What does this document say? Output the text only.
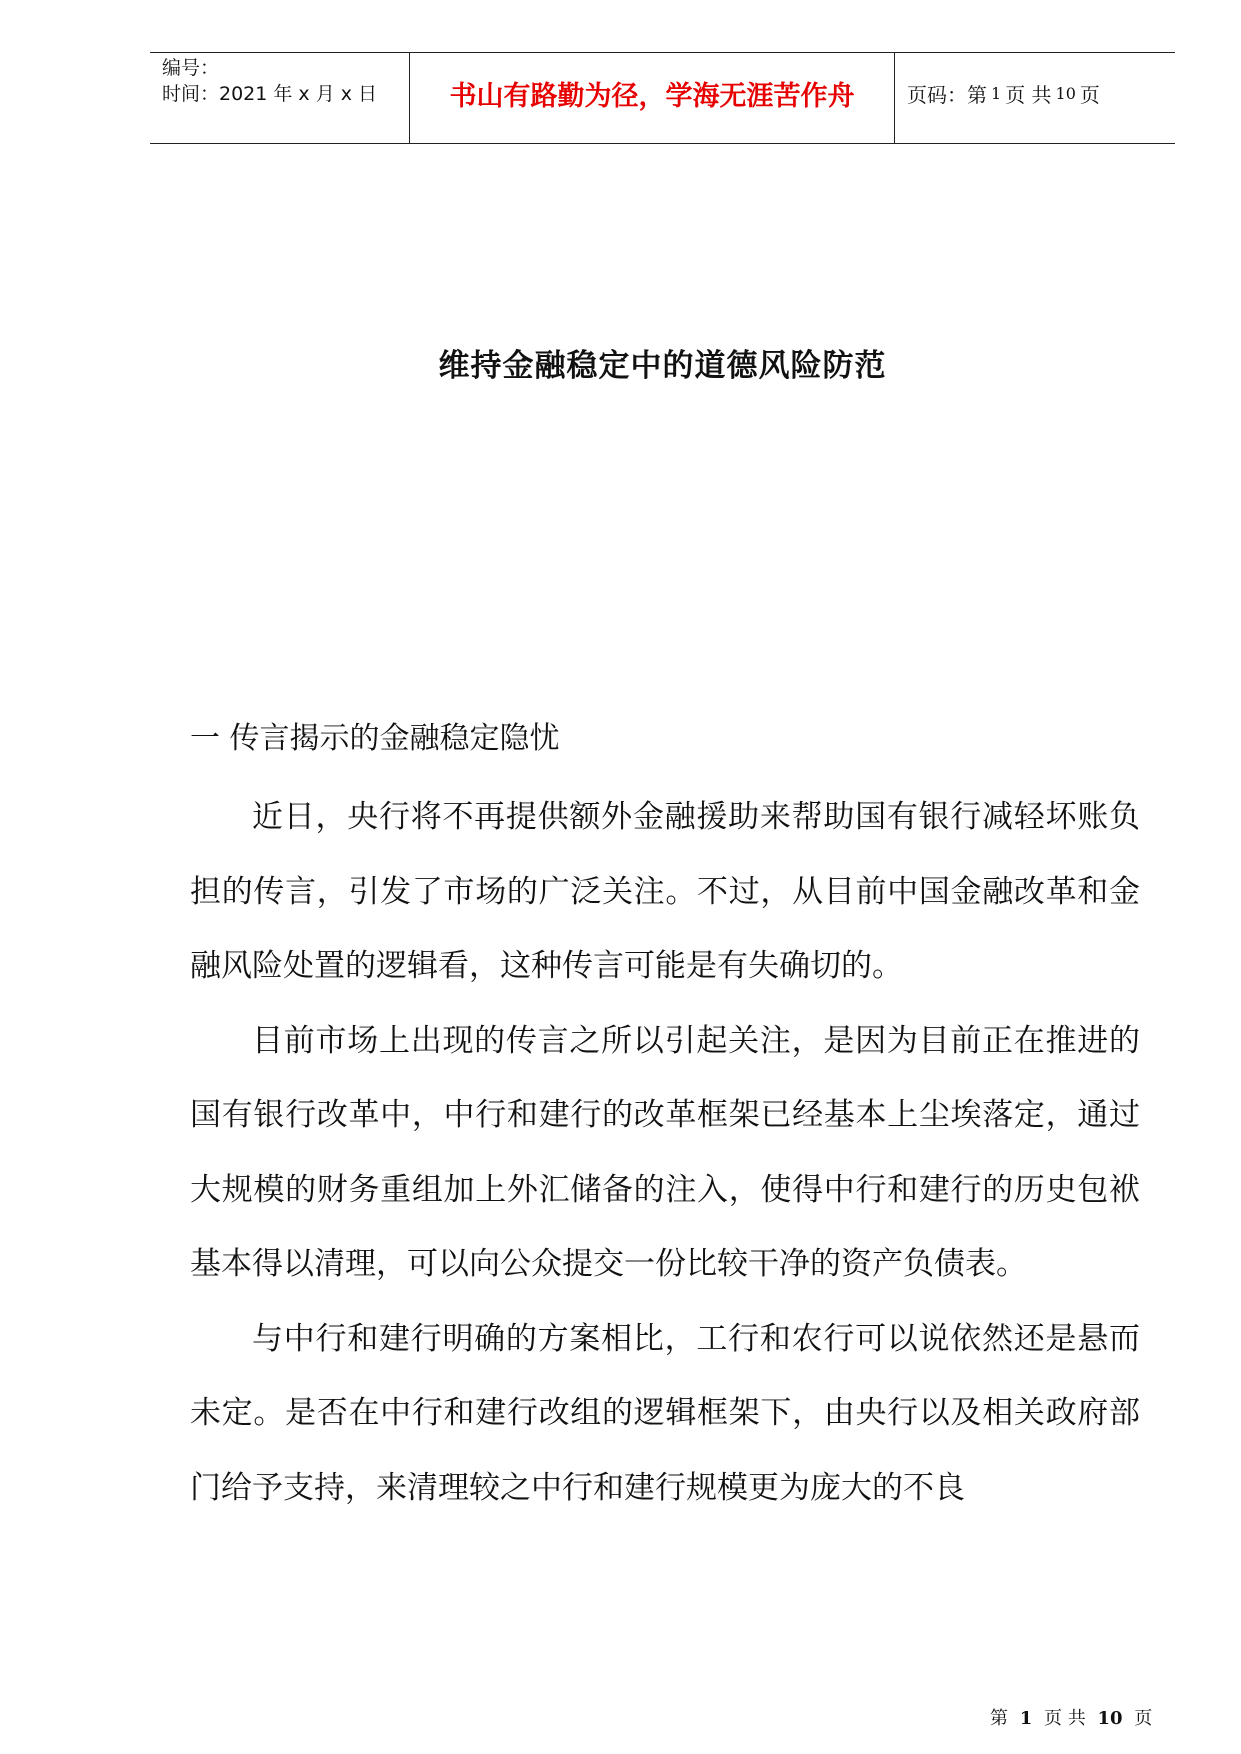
编号：
时间：2021 年 x 月 x 日	书山有路勤为径，学海无涯苦作舟	页码：第 1 页 共 10 页
维持金融稳定中的道德风险防范
一 传言揭示的金融稳定隐忧

近日，央行将不再提供额外金融援助来帮助国有银行减轻坏账负担的传言，引发了市场的广泛关注。不过，从目前中国金融改革和金融风险处置的逻辑看，这种传言可能是有失确切的。

目前市场上出现的传言之所以引起关注，是因为目前正在推进的国有银行改革中，中行和建行的改革框架已经基本上尘埃落定，通过大规模的财务重组加上外汇储备的注入，使得中行和建行的历史包袱基本得以清理，可以向公众提交一份比较干净的资产负债表。

与中行和建行明确的方案相比，工行和农行可以说依然还是悬而未定。是否在中行和建行改组的逻辑框架下，由央行以及相关政府部门给予支持，来清理较之中行和建行规模更为庞大的不良

第 1 页 共 10 页
